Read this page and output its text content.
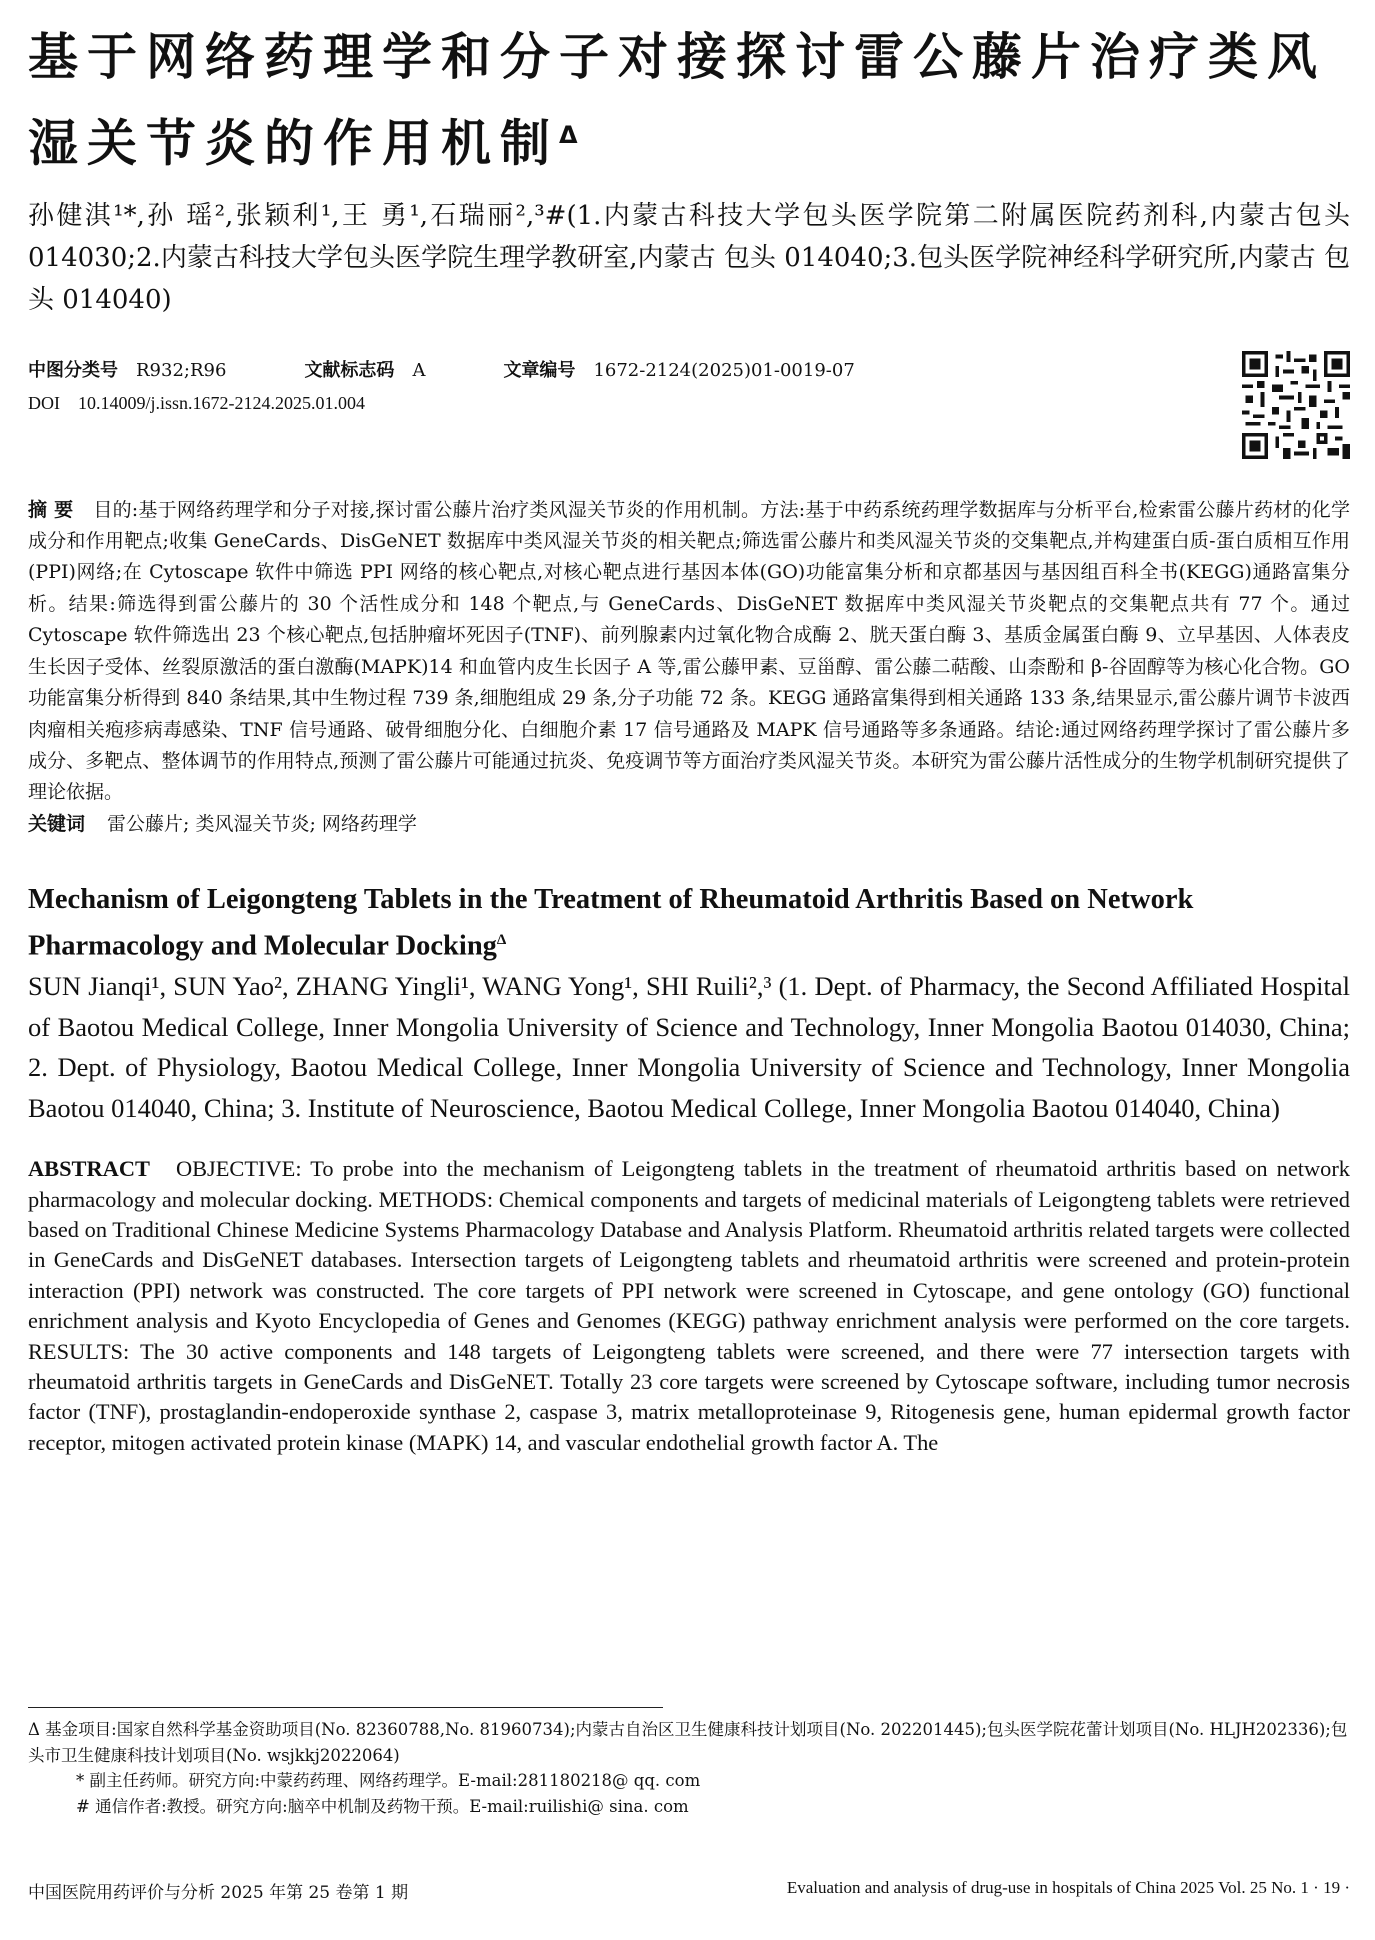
基于网络药理学和分子对接探讨雷公藤片治疗类风湿关节炎的作用机制$^\Delta$
孙健淇¹*,孙 瑶²,张颖利¹,王 勇¹,石瑞丽²,³#(1.内蒙古科技大学包头医学院第二附属医院药剂科,内蒙古包头 014030;2.内蒙古科技大学包头医学院生理学教研室,内蒙古 包头 014040;3.包头医学院神经科学研究所,内蒙古 包头 014040)
中图分类号 R932;R96	文献标志码 A	文章编号 1672-2124(2025)01-0019-07
DOI 10.14009/j.issn.1672-2124.2025.01.004
摘 要 目的:基于网络药理学和分子对接,探讨雷公藤片治疗类风湿关节炎的作用机制。方法:基于中药系统药理学数据库与分析平台,检索雷公藤片药材的化学成分和作用靶点;收集 GeneCards、DisGeNET 数据库中类风湿关节炎的相关靶点;筛选雷公藤片和类风湿关节炎的交集靶点,并构建蛋白质-蛋白质相互作用(PPI)网络;在 Cytoscape 软件中筛选 PPI 网络的核心靶点,对核心靶点进行基因本体(GO)功能富集分析和京都基因与基因组百科全书(KEGG)通路富集分析。结果:筛选得到雷公藤片的 30 个活性成分和 148 个靶点,与 GeneCards、DisGeNET 数据库中类风湿关节炎靶点的交集靶点共有 77 个。通过 Cytoscape 软件筛选出 23 个核心靶点,包括肿瘤坏死因子(TNF)、前列腺素内过氧化物合成酶 2、胱天蛋白酶 3、基质金属蛋白酶 9、立早基因、人体表皮生长因子受体、丝裂原激活的蛋白激酶(MAPK)14 和血管内皮生长因子 A 等,雷公藤甲素、豆甾醇、雷公藤二萜酸、山柰酚和 β-谷固醇等为核心化合物。GO 功能富集分析得到 840 条结果,其中生物过程 739 条,细胞组成 29 条,分子功能 72 条。KEGG 通路富集得到相关通路 133 条,结果显示,雷公藤片调节卡波西肉瘤相关疱疹病毒感染、TNF 信号通路、破骨细胞分化、白细胞介素 17 信号通路及 MAPK 信号通路等多条通路。结论:通过网络药理学探讨了雷公藤片多成分、多靶点、整体调节的作用特点,预测了雷公藤片可能通过抗炎、免疫调节等方面治疗类风湿关节炎。本研究为雷公藤片活性成分的生物学机制研究提供了理论依据。
关键词 雷公藤片; 类风湿关节炎; 网络药理学
Mechanism of Leigongteng Tablets in the Treatment of Rheumatoid Arthritis Based on Network Pharmacology and Molecular Docking$^\Delta$
SUN Jianqi¹, SUN Yao², ZHANG Yingli¹, WANG Yong¹, SHI Ruili²,³ (1. Dept. of Pharmacy, the Second Affiliated Hospital of Baotou Medical College, Inner Mongolia University of Science and Technology, Inner Mongolia Baotou 014030, China; 2. Dept. of Physiology, Baotou Medical College, Inner Mongolia University of Science and Technology, Inner Mongolia Baotou 014040, China; 3. Institute of Neuroscience, Baotou Medical College, Inner Mongolia Baotou 014040, China)
ABSTRACT OBJECTIVE: To probe into the mechanism of Leigongteng tablets in the treatment of rheumatoid arthritis based on network pharmacology and molecular docking. METHODS: Chemical components and targets of medicinal materials of Leigongteng tablets were retrieved based on Traditional Chinese Medicine Systems Pharmacology Database and Analysis Platform. Rheumatoid arthritis related targets were collected in GeneCards and DisGeNET databases. Intersection targets of Leigongteng tablets and rheumatoid arthritis were screened and protein-protein interaction (PPI) network was constructed. The core targets of PPI network were screened in Cytoscape, and gene ontology (GO) functional enrichment analysis and Kyoto Encyclopedia of Genes and Genomes (KEGG) pathway enrichment analysis were performed on the core targets. RESULTS: The 30 active components and 148 targets of Leigongteng tablets were screened, and there were 77 intersection targets with rheumatoid arthritis targets in GeneCards and DisGeNET. Totally 23 core targets were screened by Cytoscape software, including tumor necrosis factor (TNF), prostaglandin-endoperoxide synthase 2, caspase 3, matrix metalloproteinase 9, Ritogenesis gene, human epidermal growth factor receptor, mitogen activated protein kinase (MAPK) 14, and vascular endothelial growth factor A. The

Δ 基金项目:国家自然科学基金资助项目(No. 82360788,No. 81960734);内蒙古自治区卫生健康科技计划项目(No. 202201445);包头医学院花蕾计划项目(No. HLJH202336);包头市卫生健康科技计划项目(No. wsjkkj2022064)

* 副主任药师。研究方向:中蒙药药理、网络药理学。E-mail:281180218@ qq. com

# 通信作者:教授。研究方向:脑卒中机制及药物干预。E-mail:ruilishi@ sina. com

中国医院用药评价与分析 2025 年第 25 卷第 1 期	Evaluation and analysis of drug-use in hospitals of China 2025 Vol. 25 No. 1 · 19 ·
